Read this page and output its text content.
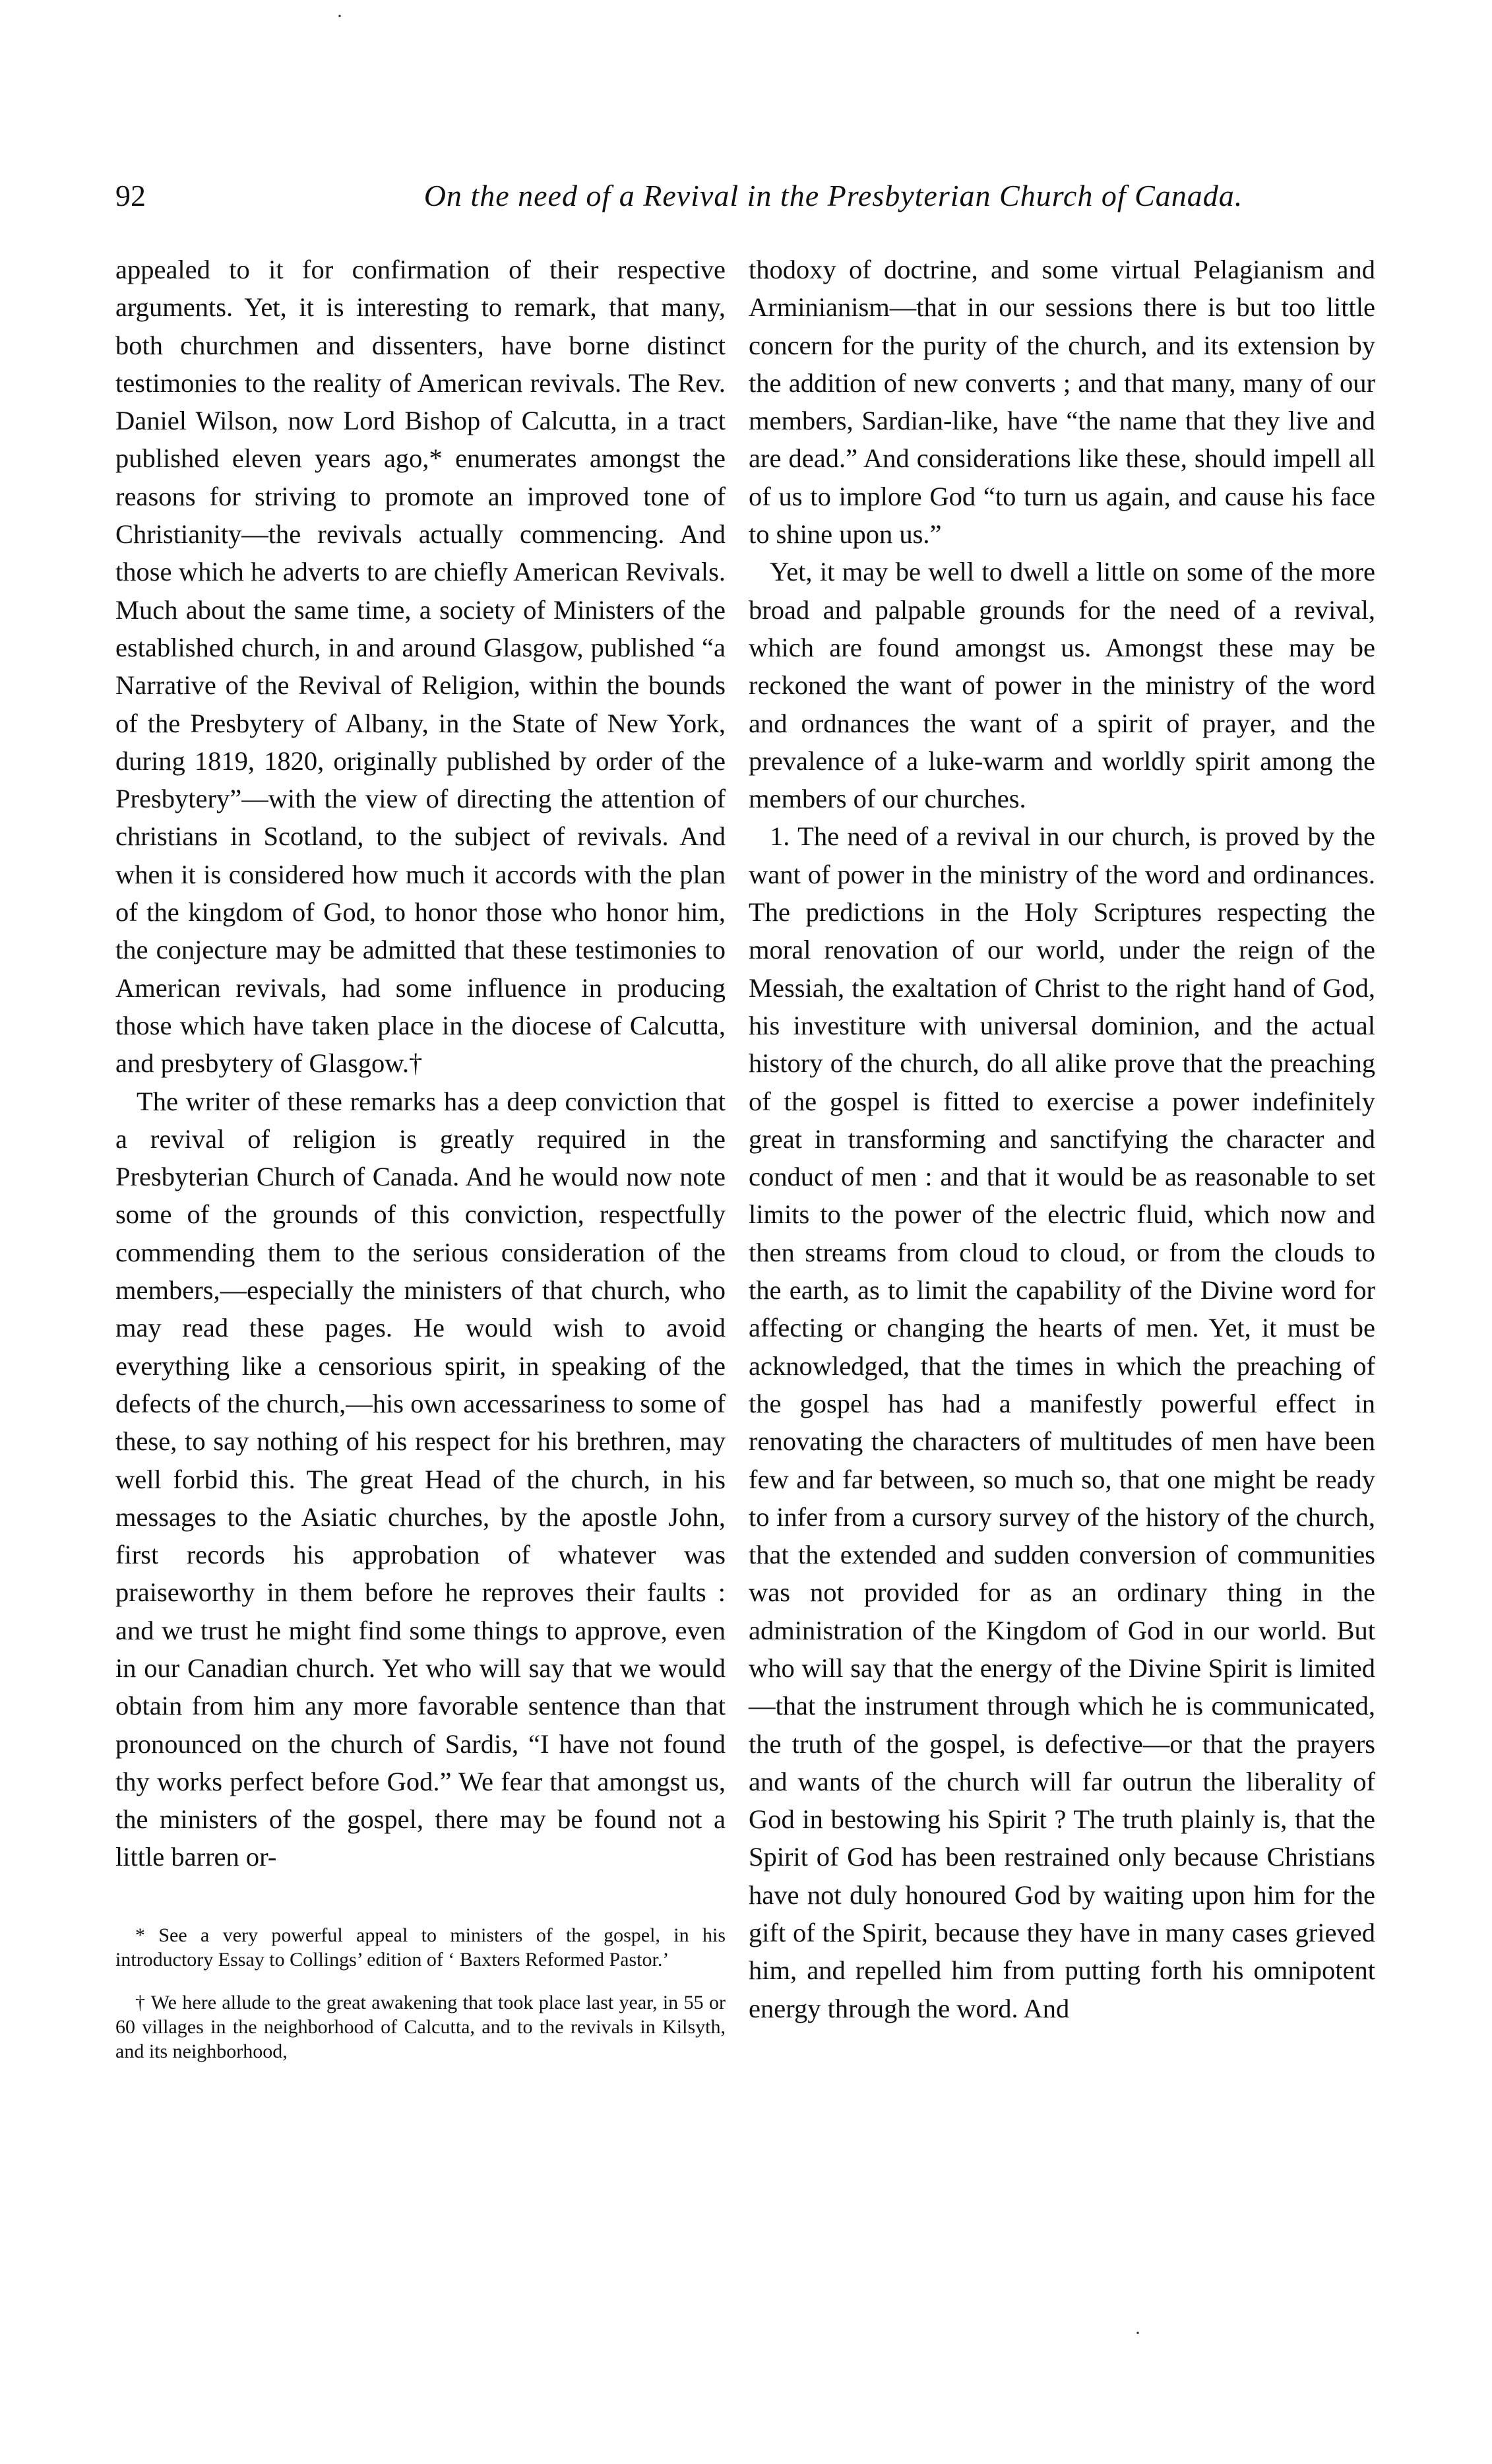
·
92	On the need of a Revival in the Presbyterian Church of Canada.

appealed to it for confirmation of their respective arguments. Yet, it is interesting to remark, that many, both churchmen and dissenters, have borne distinct testimonies to the reality of American revivals. The Rev. Daniel Wilson, now Lord Bishop of Calcutta, in a tract published eleven years ago,* enumerates amongst the reasons for striving to promote an improved tone of Christianity—the revivals actually commencing. And those which he adverts to are chiefly American Revivals. Much about the same time, a society of Ministers of the established church, in and around Glasgow, published “a Narrative of the Revival of Religion, within the bounds of the Presbytery of Albany, in the State of New York, during 1819, 1820, originally published by order of the Presbytery”—with the view of directing the attention of christians in Scotland, to the subject of revivals. And when it is considered how much it accords with the plan of the kingdom of God, to honor those who honor him, the conjecture may be admitted that these testimonies to American revivals, had some influence in producing those which have taken place in the diocese of Calcutta, and presbytery of Glasgow.†

The writer of these remarks has a deep conviction that a revival of religion is greatly required in the Presbyterian Church of Canada. And he would now note some of the grounds of this conviction, respectfully commending them to the serious consideration of the members,—especially the ministers of that church, who may read these pages. He would wish to avoid everything like a censorious spirit, in speaking of the defects of the church,—his own accessariness to some of these, to say nothing of his respect for his brethren, may well forbid this. The great Head of the church, in his messages to the Asiatic churches, by the apostle John, first records his approbation of whatever was praiseworthy in them before he reproves their faults : and we trust he might find some things to approve, even in our Canadian church. Yet who will say that we would obtain from him any more favorable sentence than that pronounced on the church of Sardis, “I have not found thy works perfect before God.” We fear that amongst us, the ministers of the gospel, there may be found not a little barren or-

thodoxy of doctrine, and some virtual Pelagianism and Arminianism—that in our sessions there is but too little concern for the purity of the church, and its extension by the addition of new converts ; and that many, many of our members, Sardian-like, have “the name that they live and are dead.” And considerations like these, should impell all of us to implore God “to turn us again, and cause his face to shine upon us.”

Yet, it may be well to dwell a little on some of the more broad and palpable grounds for the need of a revival, which are found amongst us. Amongst these may be reckoned the want of power in the ministry of the word and ordnances the want of a spirit of prayer, and the prevalence of a luke-warm and worldly spirit among the members of our churches.

1. The need of a revival in our church, is proved by the want of power in the ministry of the word and ordinances. The predictions in the Holy Scriptures respecting the moral renovation of our world, under the reign of the Messiah, the exaltation of Christ to the right hand of God, his investiture with universal dominion, and the actual history of the church, do all alike prove that the preaching of the gospel is fitted to exercise a power indefinitely great in transforming and sanctifying the character and conduct of men : and that it would be as reasonable to set limits to the power of the electric fluid, which now and then streams from cloud to cloud, or from the clouds to the earth, as to limit the capability of the Divine word for affecting or changing the hearts of men. Yet, it must be acknowledged, that the times in which the preaching of the gospel has had a manifestly powerful effect in renovating the characters of multitudes of men have been few and far between, so much so, that one might be ready to infer from a cursory survey of the history of the church, that the extended and sudden conversion of communities was not provided for as an ordinary thing in the administration of the Kingdom of God in our world. But who will say that the energy of the Divine Spirit is limited—that the instrument through which he is communicated, the truth of the gospel, is defective—or that the prayers and wants of the church will far outrun the liberality of God in bestowing his Spirit ? The truth plainly is, that the Spirit of God has been restrained only because Christians have not duly honoured God by waiting upon him for the gift of the Spirit, because they have in many cases grieved him, and repelled him from putting forth his omnipotent energy through the word. And

* See a very powerful appeal to ministers of the gospel, in his introductory Essay to Collings’ edition of ‘ Baxters Reformed Pastor.’

† We here allude to the great awakening that took place last year, in 55 or 60 villages in the neighborhood of Calcutta, and to the revivals in Kilsyth, and its neighborhood,

·
